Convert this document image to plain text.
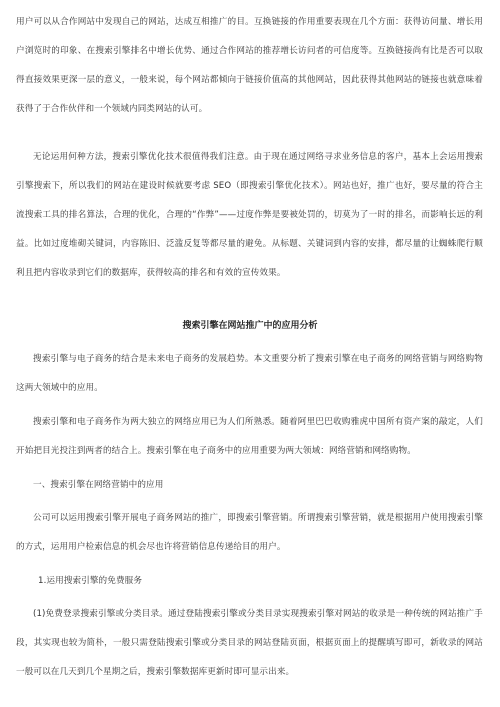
用户可以从合作网站中发现自己的网站，达成互相推广的目。互换链接的作用重要表现在几个方面：获得访问量、增长用户浏览时的印象、在搜索引擎排名中增长优势、通过合作网站的推荐增长访问者的可信度等。互换链接尚有比是否可以取得直接效果更深一层的意义，一般来说，每个网站都倾向于链接价值高的其他网站，因此获得其他网站的链接也就意味着获得了于合作伙伴和一个领域内同类网站的认可。

无论运用何种方法，搜索引擎优化技术很值得我们注意。由于现在通过网络寻求业务信息的客户，基本上会运用搜索引擎搜索下，所以我们的网站在建设时候就要考虑 SEO（即搜索引擎优化技术）。网站也好，推广也好，要尽量的符合主流搜索工具的排名算法，合理的优化，合理的“作弊”——过度作弊是要被处罚的，切莫为了一时的排名，而影响长远的利益。比如过度堆砌关键词，内容陈旧、泛滥反复等都尽量的避免。从标题、关键词到内容的安排，都尽量的让蜘蛛爬行顺利且把内容收录到它们的数据库，获得较高的排名和有效的宣传效果。

搜索引擎在网站推广中的应用分析

搜索引擎与电子商务的结合是未来电子商务的发展趋势。本文重要分析了搜索引擎在电子商务的网络营销与网络购物这两大领域中的应用。

搜索引擎和电子商务作为两大独立的网络应用已为人们所熟悉。随着阿里巴巴收购雅虎中国所有资产案的敲定，人们开始把目光投注到两者的结合上。搜索引擎在电子商务中的应用重要为两大领域：网络营销和网络购物。

一、搜索引擎在网络营销中的应用

公司可以运用搜索引擎开展电子商务网站的推广，即搜索引擎营销。所谓搜索引擎营销，就是根据用户使用搜索引擎的方式，运用用户检索信息的机会尽也许将营销信息传递给目的用户。

1.运用搜索引擎的免费服务

(1)免费登录搜索引擎或分类目录。通过登陆搜索引擎或分类目录实现搜索引擎对网站的收录是一种传统的网站推广手段，其实现也较为简朴，一般只需登陆搜索引擎或分类目录的网站登陆页面，根据页面上的提醒填写即可，新收录的网站一般可以在几天到几个星期之后，搜索引擎数据库更新时即可显示出来。
